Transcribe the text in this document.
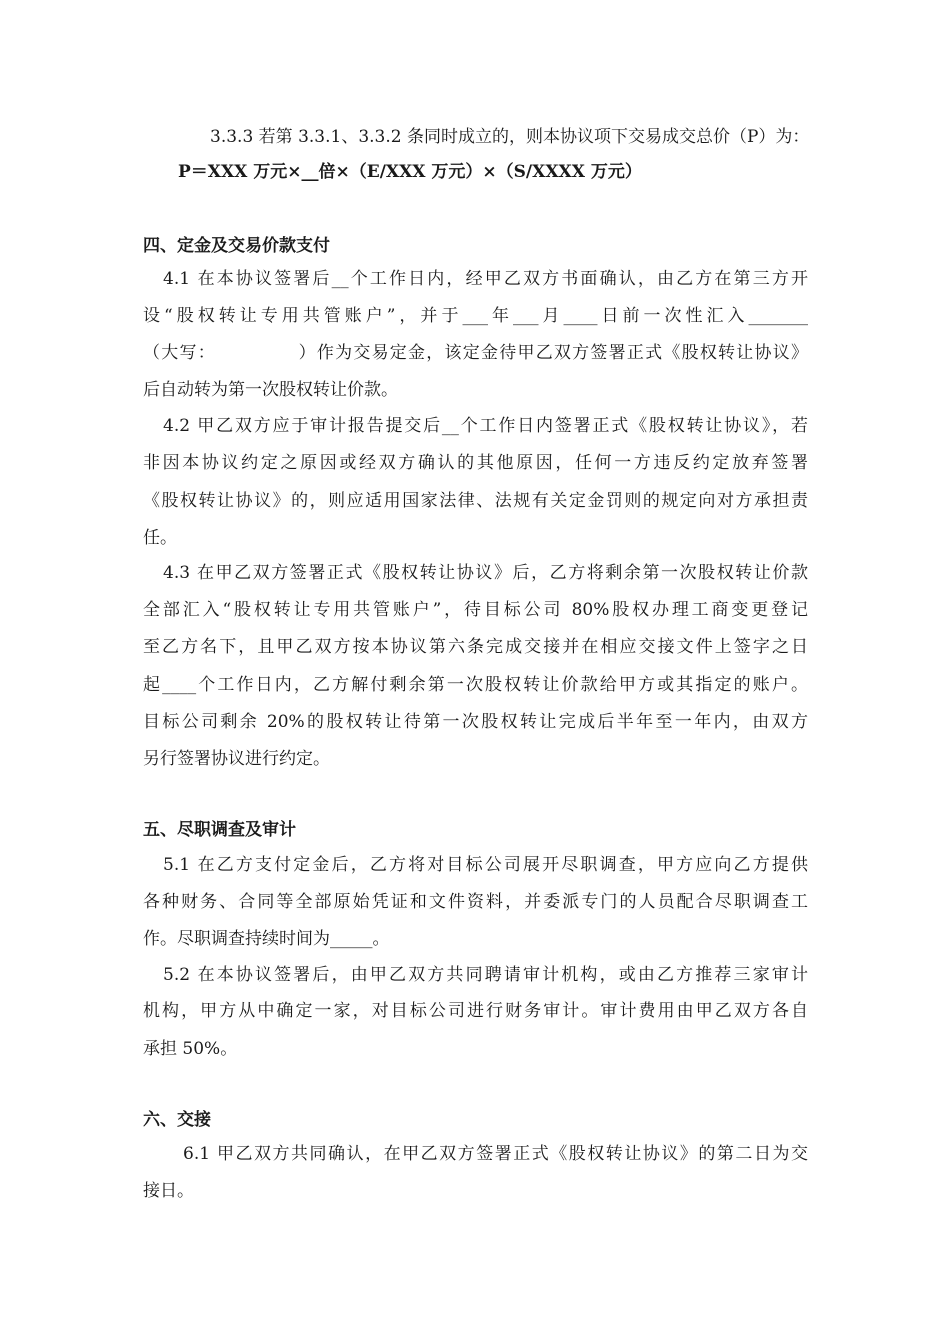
3.3.3 若第 3.3.1、3.3.2 条同时成立的，则本协议项下交易成交总价（P）为：
P＝XXX 万元×__倍×（E/XXX 万元）×（S/XXXX 万元）
四、定金及交易价款支付
4.1 在本协议签署后__个工作日内，经甲乙双方书面确认，由乙方在第三方开
设“股权转让专用共管账户”，并于___年___月____日前一次性汇入_______
（大写：　　　　　）作为交易定金，该定金待甲乙双方签署正式《股权转让协议》
后自动转为第一次股权转让价款。
4.2 甲乙双方应于审计报告提交后__个工作日内签署正式《股权转让协议》，若
非因本协议约定之原因或经双方确认的其他原因，任何一方违反约定放弃签署
《股权转让协议》的，则应适用国家法律、法规有关定金罚则的规定向对方承担责
任。
4.3 在甲乙双方签署正式《股权转让协议》后，乙方将剩余第一次股权转让价款
全部汇入“股权转让专用共管账户”，待目标公司 80%股权办理工商变更登记
至乙方名下，且甲乙双方按本协议第六条完成交接并在相应交接文件上签字之日
起____个工作日内，乙方解付剩余第一次股权转让价款给甲方或其指定的账户。
目标公司剩余 20%的股权转让待第一次股权转让完成后半年至一年内，由双方
另行签署协议进行约定。
五、尽职调查及审计
5.1 在乙方支付定金后，乙方将对目标公司展开尽职调查，甲方应向乙方提供
各种财务、合同等全部原始凭证和文件资料，并委派专门的人员配合尽职调查工
作。尽职调查持续时间为_____。
5.2 在本协议签署后，由甲乙双方共同聘请审计机构，或由乙方推荐三家审计
机构，甲方从中确定一家，对目标公司进行财务审计。审计费用由甲乙双方各自
承担 50%。
六、交接
6.1 甲乙双方共同确认，在甲乙双方签署正式《股权转让协议》的第二日为交
接日。
